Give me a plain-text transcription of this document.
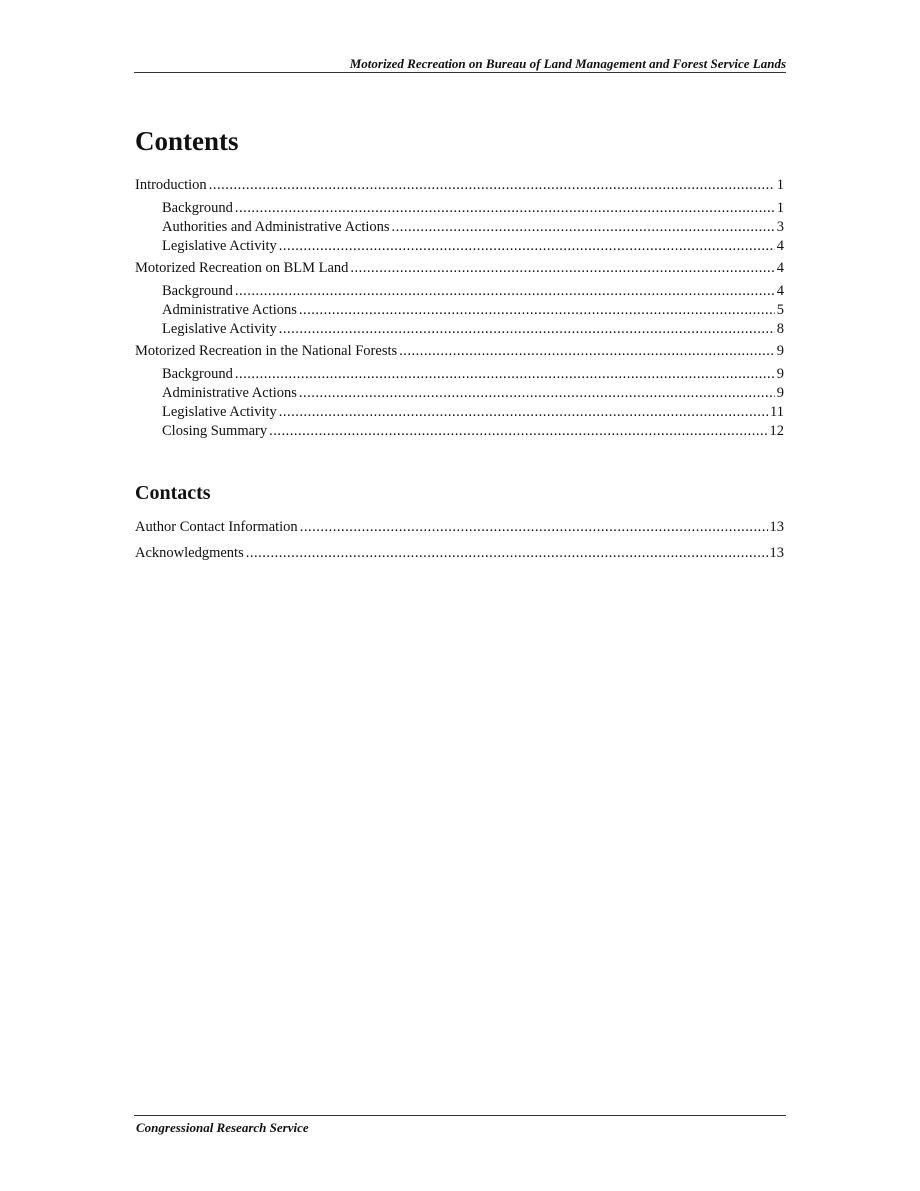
Motorized Recreation on Bureau of Land Management and Forest Service Lands
Contents
Introduction .....	1
Background .....	1
Authorities and Administrative Actions .....	3
Legislative Activity .....	4
Motorized Recreation on BLM Land .....	4
Background .....	4
Administrative Actions .....	5
Legislative Activity .....	8
Motorized Recreation in the National Forests .....	9
Background .....	9
Administrative Actions .....	9
Legislative Activity .....	11
Closing Summary .....	12
Contacts
Author Contact Information .....	13
Acknowledgments .....	13
Congressional Research Service
